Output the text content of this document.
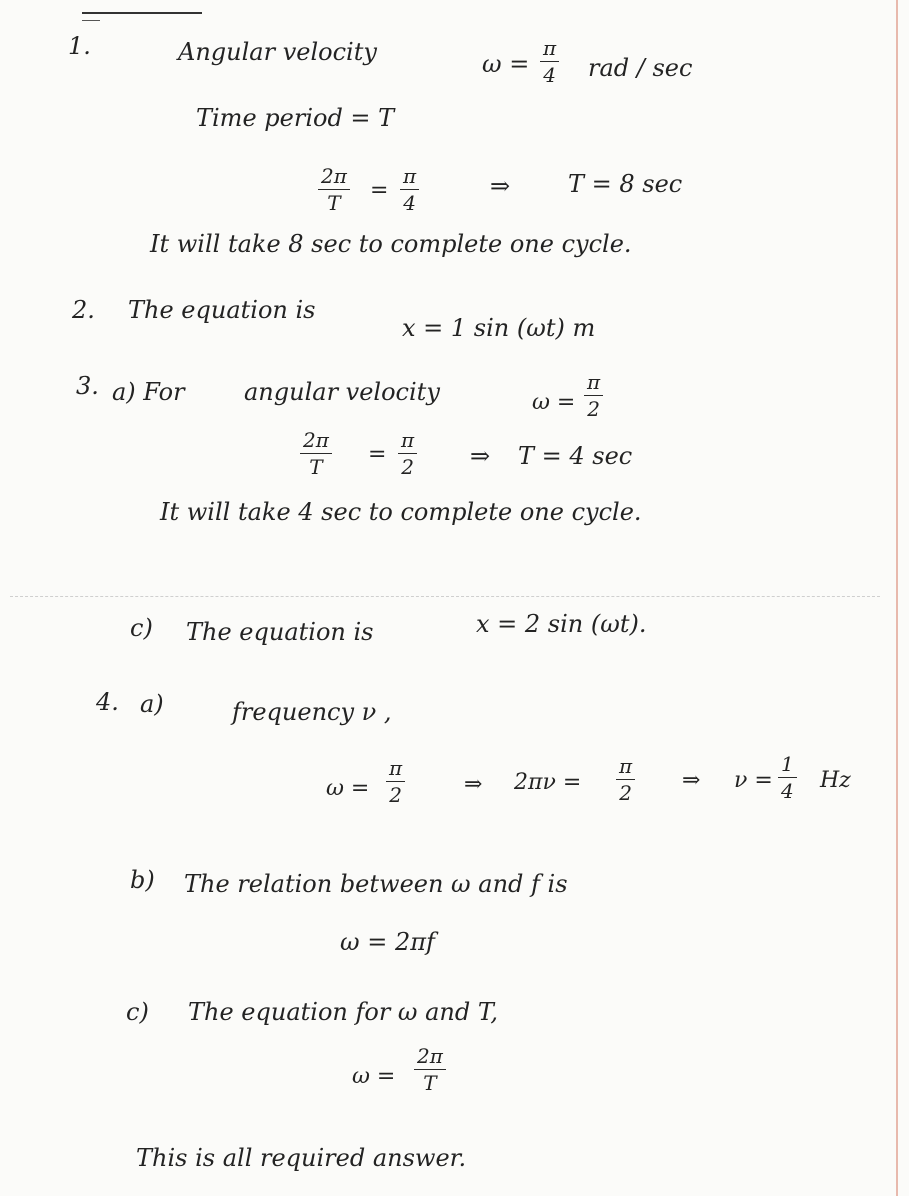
1.	Angular velocity	ω =
π
4 rad / sec
Time period = T
2π
T =
π
4
⇒ T = 8 sec
It will take 8 sec to complete one cycle.
2. The equation is
x = 1 sin (ωt) m
3. a) For angular velocity	ω =
π
2
2π
T =
π
2 ⇒ T = 4 sec
It will take 4 sec to complete one cycle.
c) The equation is	x = 2 sin (ωt).
4. a)	frequency ν ,
ω =
π
2	⇒ 2πν =
π
2 ⇒ ν =
1
4 Hz
b) The relation between ω and f is
ω = 2πf
c) The equation for ω and T,
ω =
2π
T
This is all required answer.
